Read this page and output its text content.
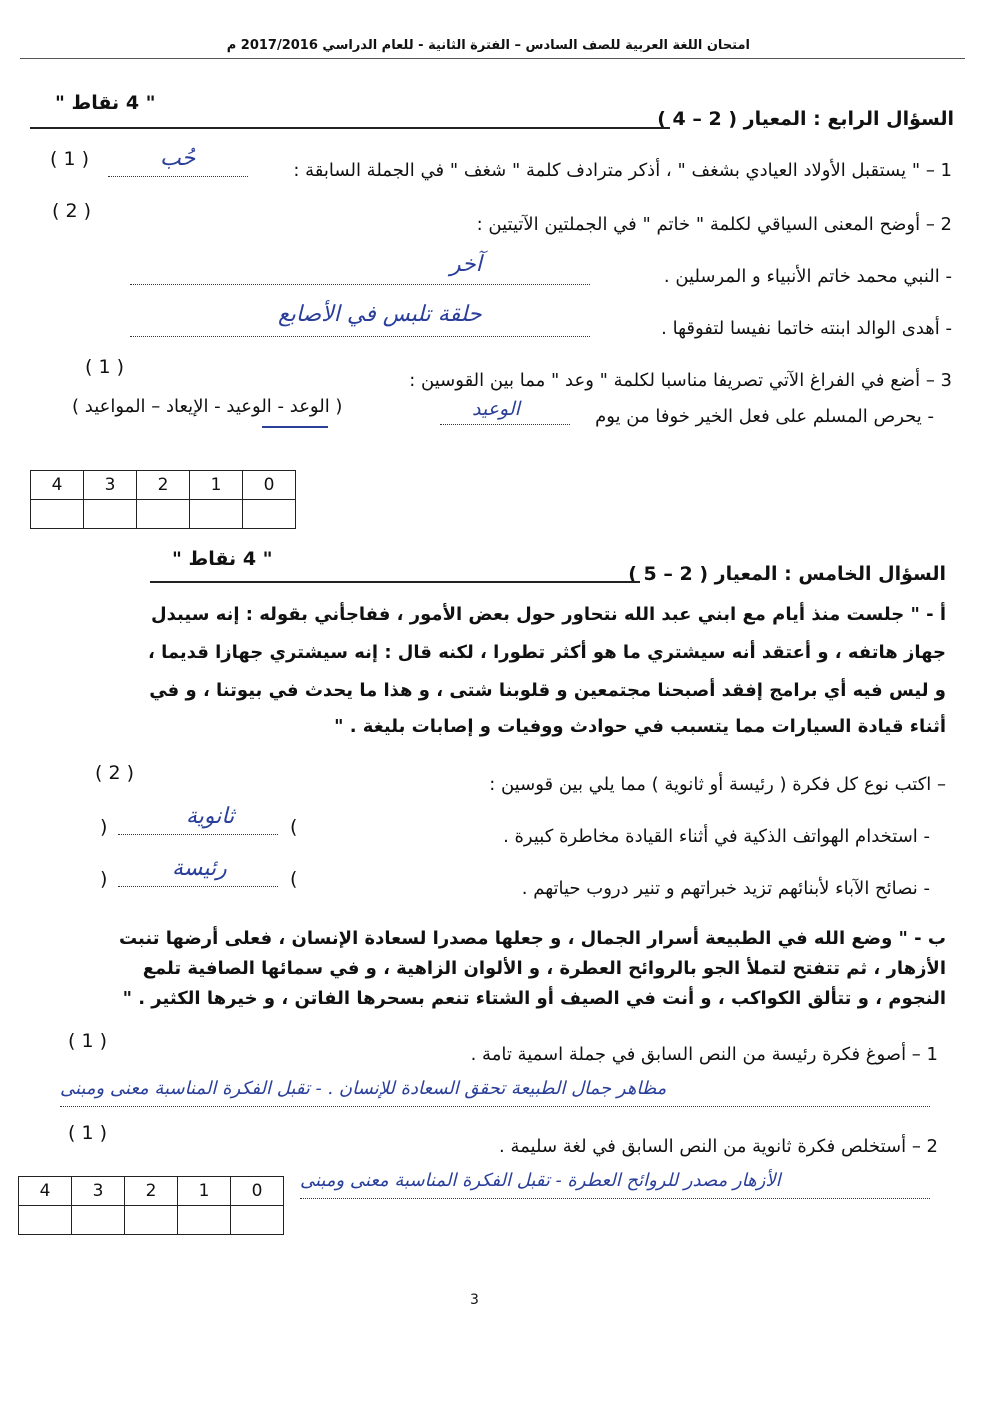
امتحان اللغة العربية للصف السادس – الفترة الثانية - للعام الدراسي 2017/2016 م
" 4 نقاط "
السؤال الرابع : المعيار ( 2 – 4 )
1 – " يستقبل الأولاد العيادي بشغف " ، أذكر مترادف كلمة " شغف " في الجملة السابقة :
حُب
( 1 )
( 2 )
2 – أوضح المعنى السياقي لكلمة " خاتم " في الجملتين الآتيتين :
- النبي محمد خاتم الأنبياء و المرسلين .
آخر
- أهدى الوالد ابنته خاتما نفيسا لتفوقها .
حلقة تلبس في الأصابع
( 1 )
3 – أضع في الفراغ الآتي تصريفا مناسبا لكلمة " وعد " مما بين القوسين :
- يحرص المسلم على فعل الخير خوفا من يوم
الوعيد
( الوعد - الوعيد - الإيعاد – المواعيد )
4	3	2	1	0

" 4 نقاط "
السؤال الخامس : المعيار ( 2 – 5 )
أ - " جلست منذ أيام مع ابني عبد الله نتحاور حول بعض الأمور ، ففاجأني بقوله : إنه سيبدل
جهاز هاتفه ، و أعتقد أنه سيشتري ما هو أكثر تطورا ، لكنه قال : إنه سيشتري جهازا قديما ،
و ليس فيه أي برامج إفقد أصبحنا مجتمعين و قلوبنا شتى ، و هذا ما يحدث في بيوتنا ، و في
أثناء قيادة السيارات مما يتسبب في حوادث ووفيات و إصابات بليغة . "
( 2 )
– اكتب نوع كل فكرة ( رئيسة أو ثانوية ) مما يلي بين قوسين :
- استخدام الهواتف الذكية في أثناء القيادة مخاطرة كبيرة .
)	ثانوية	(
- نصائح الآباء لأبنائهم تزيد خبراتهم و تنير دروب حياتهم .
)	رئيسة	(
ب - " وضع الله في الطبيعة أسرار الجمال ، و جعلها مصدرا لسعادة الإنسان ، فعلى أرضها تنبت
الأزهار ، ثم تتفتح لتملأ الجو بالروائح العطرة ، و الألوان الزاهية ، و في سمائها الصافية تلمع
النجوم ، و تتألق الكواكب ، و أنت في الصيف أو الشتاء تنعم بسحرها الفاتن ، و خيرها الكثير . "
( 1 )
1 – أصوغ فكرة رئيسة من النص السابق في جملة اسمية تامة .
مظاهر جمال الطبيعة تحقق السعادة للإنسان . - تقبل الفكرة المناسبة معنى ومبنى
( 1 )
2 – أستخلص فكرة ثانوية من النص السابق في لغة سليمة .
الأزهار مصدر للروائح العطرة - تقبل الفكرة المناسبة معنى ومبنى
4	3	2	1	0

3
